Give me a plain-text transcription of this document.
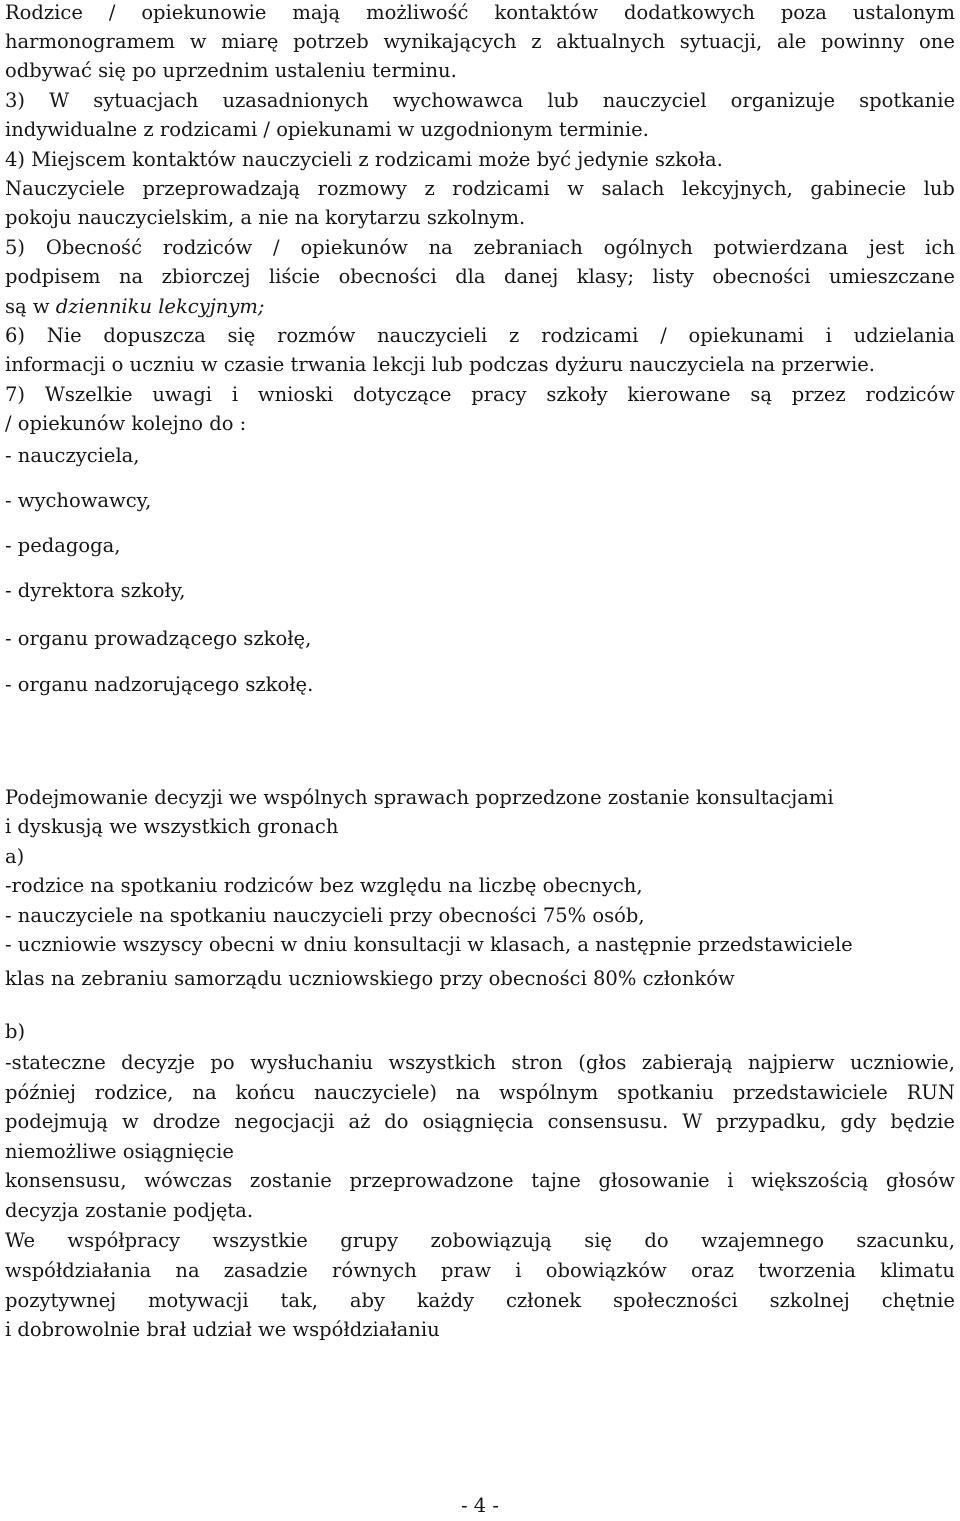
Rodzice / opiekunowie mają możliwość kontaktów dodatkowych poza ustalonym
harmonogramem w miarę potrzeb wynikających z aktualnych sytuacji, ale powinny one
odbywać się po uprzednim ustaleniu terminu.
3) W sytuacjach uzasadnionych wychowawca lub nauczyciel organizuje spotkanie
indywidualne z rodzicami / opiekunami w uzgodnionym terminie.
4) Miejscem kontaktów nauczycieli z rodzicami może być jedynie szkoła.
Nauczyciele przeprowadzają rozmowy z rodzicami w salach lekcyjnych, gabinecie lub
pokoju nauczycielskim, a nie na korytarzu szkolnym.
5) Obecność rodziców / opiekunów na zebraniach ogólnych potwierdzana jest ich
podpisem na zbiorczej liście obecności dla danej klasy; listy obecności umieszczane
są w dzienniku lekcyjnym;
6) Nie dopuszcza się rozmów nauczycieli z rodzicami / opiekunami i udzielania
informacji o uczniu w czasie trwania lekcji lub podczas dyżuru nauczyciela na przerwie.
7) Wszelkie uwagi i wnioski dotyczące pracy szkoły kierowane są przez rodziców
/ opiekunów kolejno do :
- nauczyciela,
- wychowawcy,
- pedagoga,
- dyrektora szkoły,
- organu prowadzącego szkołę,
- organu nadzorującego szkołę.
Podejmowanie decyzji we wspólnych sprawach poprzedzone zostanie konsultacjami
i dyskusją we wszystkich gronach
a)
-rodzice na spotkaniu rodziców bez względu na liczbę obecnych,
- nauczyciele na spotkaniu nauczycieli przy obecności 75% osób,
- uczniowie wszyscy obecni w dniu konsultacji w klasach, a następnie przedstawiciele
klas na zebraniu samorządu uczniowskiego przy obecności 80% członków
b)
-stateczne decyzje po wysłuchaniu wszystkich stron (głos zabierają najpierw uczniowie,
później rodzice, na końcu nauczyciele) na wspólnym spotkaniu przedstawiciele RUN
podejmują w drodze negocjacji aż do osiągnięcia consensusu. W przypadku, gdy będzie
niemożliwe osiągnięcie
konsensusu, wówczas zostanie przeprowadzone tajne głosowanie i większością głosów
decyzja zostanie podjęta.
We współpracy wszystkie grupy zobowiązują się do wzajemnego szacunku,
współdziałania na zasadzie równych praw i obowiązków oraz tworzenia klimatu
pozytywnej motywacji tak, aby każdy członek społeczności szkolnej chętnie
i dobrowolnie brał udział we współdziałaniu
- 4 -
